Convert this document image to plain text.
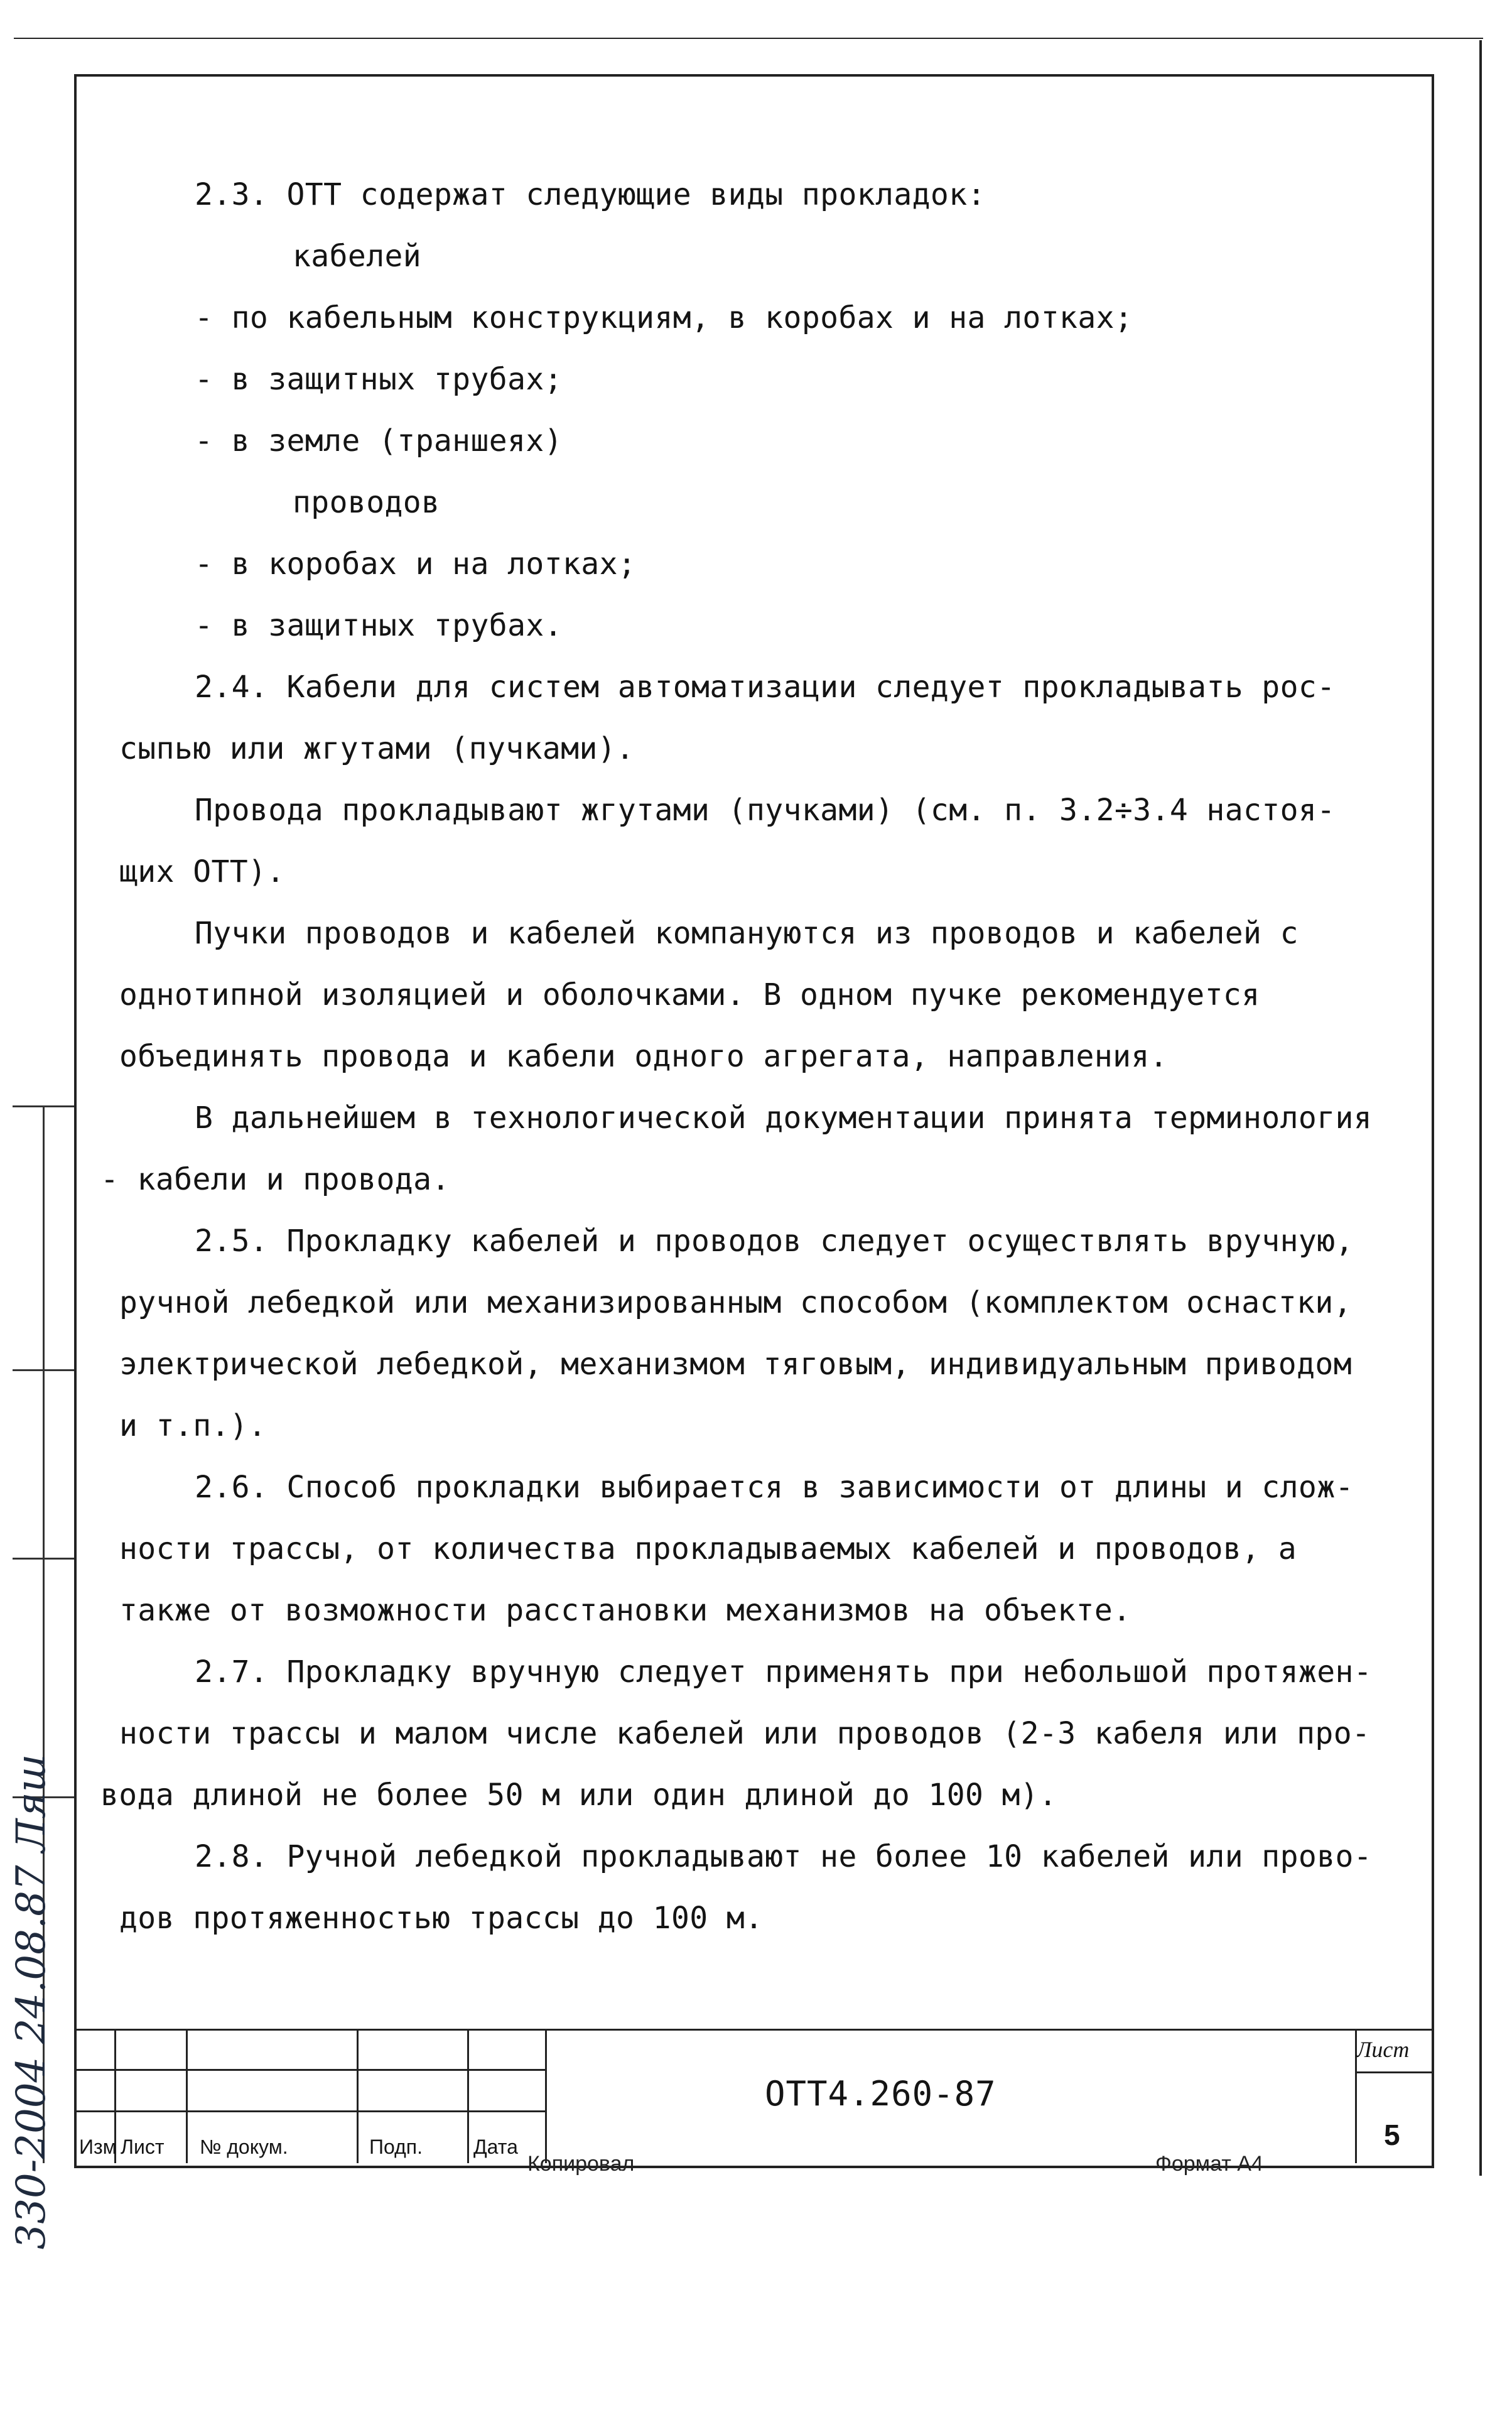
330-2004 24.08.87 Ляш
2.3. ОТТ содержат следующие виды прокладок:
кабелей
- по кабельным конструкциям, в коробах и на лотках;
- в защитных трубах;
- в земле (траншеях)
проводов
- в коробах и на лотках;
- в защитных трубах.
2.4. Кабели для систем автоматизации следует прокладывать рос-
сыпью или жгутами (пучками).
Провода прокладывают жгутами (пучками) (см. п. 3.2÷3.4 настоя-
щих ОТТ).
Пучки проводов и кабелей компануются из проводов и кабелей с
однотипной изоляцией и оболочками. В одном пучке рекомендуется
объединять провода и кабели одного агрегата, направления.
В дальнейшем в технологической документации принята терминология
- кабели и провода.
2.5. Прокладку кабелей и проводов следует осуществлять вручную,
ручной лебедкой или механизированным способом (комплектом оснастки,
электрической лебедкой, механизмом тяговым, индивидуальным приводом
и т.п.).
2.6. Способ прокладки выбирается в зависимости от длины и слож-
ности трассы, от количества прокладываемых кабелей и проводов, а
также от возможности расстановки механизмов на объекте.
2.7. Прокладку вручную следует применять при небольшой протяжен-
ности трассы и малом числе кабелей или проводов (2-3 кабеля или про-
вода длиной не более 50 м или один длиной до 100 м).
2.8. Ручной лебедкой прокладывают не более 10 кабелей или прово-
дов протяженностью трассы до 100 м.
Изм Лист № докум.	Подп.	Дата
ОТТ4.260-87
Лист
5
Копировал	Формат А4
